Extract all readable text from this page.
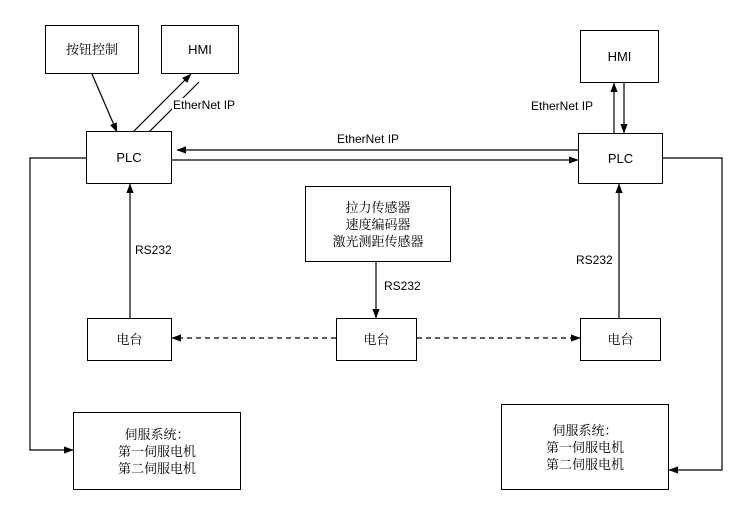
按钮控制	HMI
PLC
HMI
PLC
拉力传感器
速度编码器
激光测距传感器
电台	电台	电台
伺服系统：
第一伺服电机
第二伺服电机
伺服系统：
第一伺服电机
第二伺服电机
EtherNet IP
EtherNet IP
EtherNet IP
RS232
RS232
RS232
